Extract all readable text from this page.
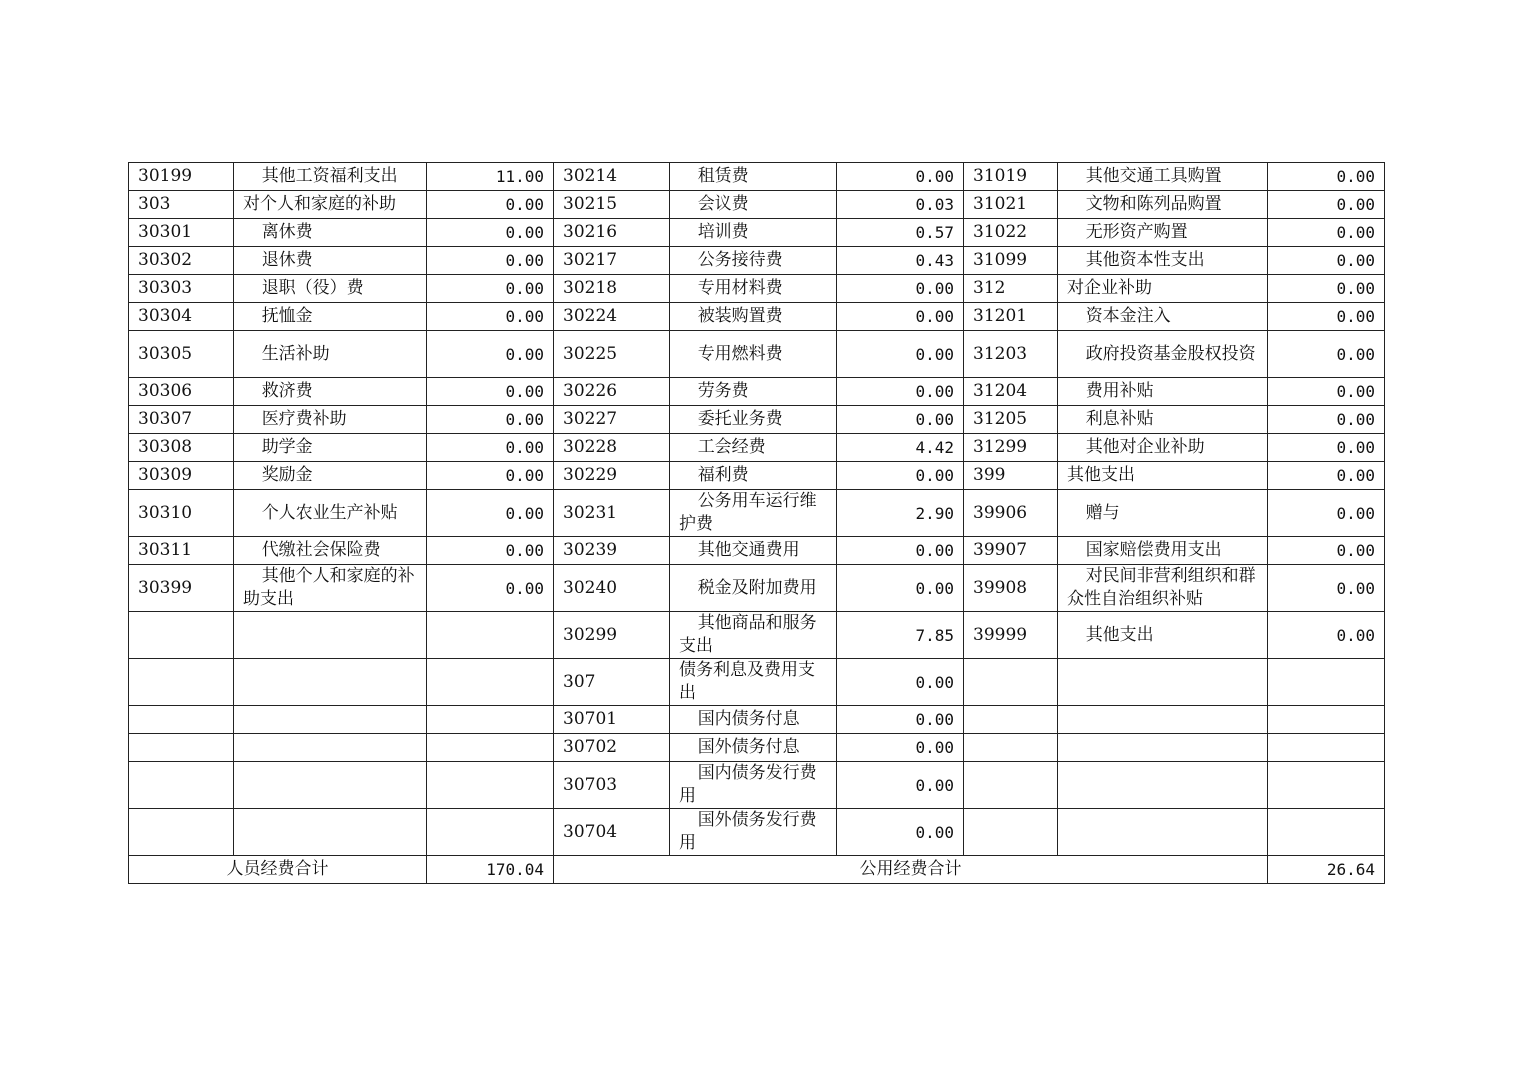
30199	其他工资福利支出	11.00	30214	租赁费	0.00	31019	其他交通工具购置	0.00
303	对个人和家庭的补助	0.00	30215	会议费	0.03	31021	文物和陈列品购置	0.00
30301	离休费	0.00	30216	培训费	0.57	31022	无形资产购置	0.00
30302	退休费	0.00	30217	公务接待费	0.43	31099	其他资本性支出	0.00
30303	退职（役）费	0.00	30218	专用材料费	0.00	312	对企业补助	0.00
30304	抚恤金	0.00	30224	被装购置费	0.00	31201	资本金注入	0.00
30305	生活补助	0.00	30225	专用燃料费	0.00	31203	政府投资基金股权投资	0.00
30306	救济费	0.00	30226	劳务费	0.00	31204	费用补贴	0.00
30307	医疗费补助	0.00	30227	委托业务费	0.00	31205	利息补贴	0.00
30308	助学金	0.00	30228	工会经费	4.42	31299	其他对企业补助	0.00
30309	奖励金	0.00	30229	福利费	0.00	399	其他支出	0.00
30310	个人农业生产补贴	0.00	30231	公务用车运行维护费	2.90	39906	赠与	0.00
30311	代缴社会保险费	0.00	30239	其他交通费用	0.00	39907	国家赔偿费用支出	0.00
30399	其他个人和家庭的补助支出	0.00	30240	税金及附加费用	0.00	39908	对民间非营利组织和群众性自治组织补贴	0.00
			30299	其他商品和服务支出	7.85	39999	其他支出	0.00
			307	债务利息及费用支出	0.00			
			30701	国内债务付息	0.00			
			30702	国外债务付息	0.00			
			30703	国内债务发行费用	0.00			
			30704	国外债务发行费用	0.00			
人员经费合计		170.04	公用经费合计					26.64
